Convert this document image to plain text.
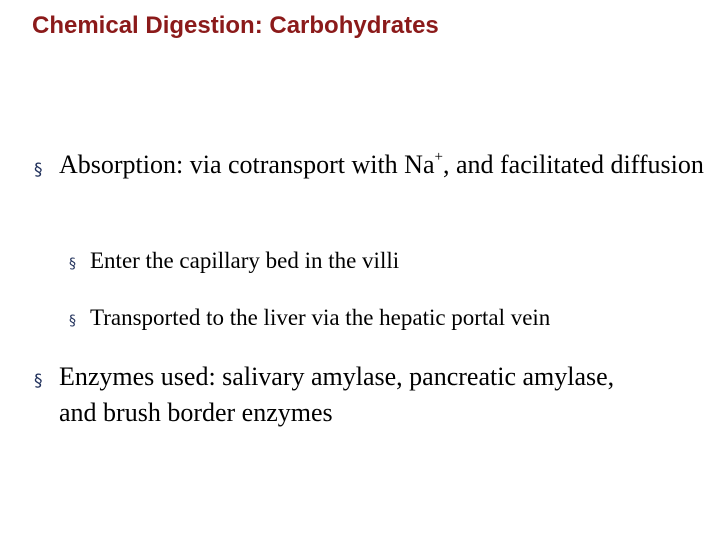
Chemical Digestion: Carbohydrates
§ Absorption: via cotransport with Na+, and facilitated diffusion
§ Enter the capillary bed in the villi
§ Transported to the liver via the hepatic portal vein
§ Enzymes used: salivary amylase, pancreatic amylase, and brush border enzymes
